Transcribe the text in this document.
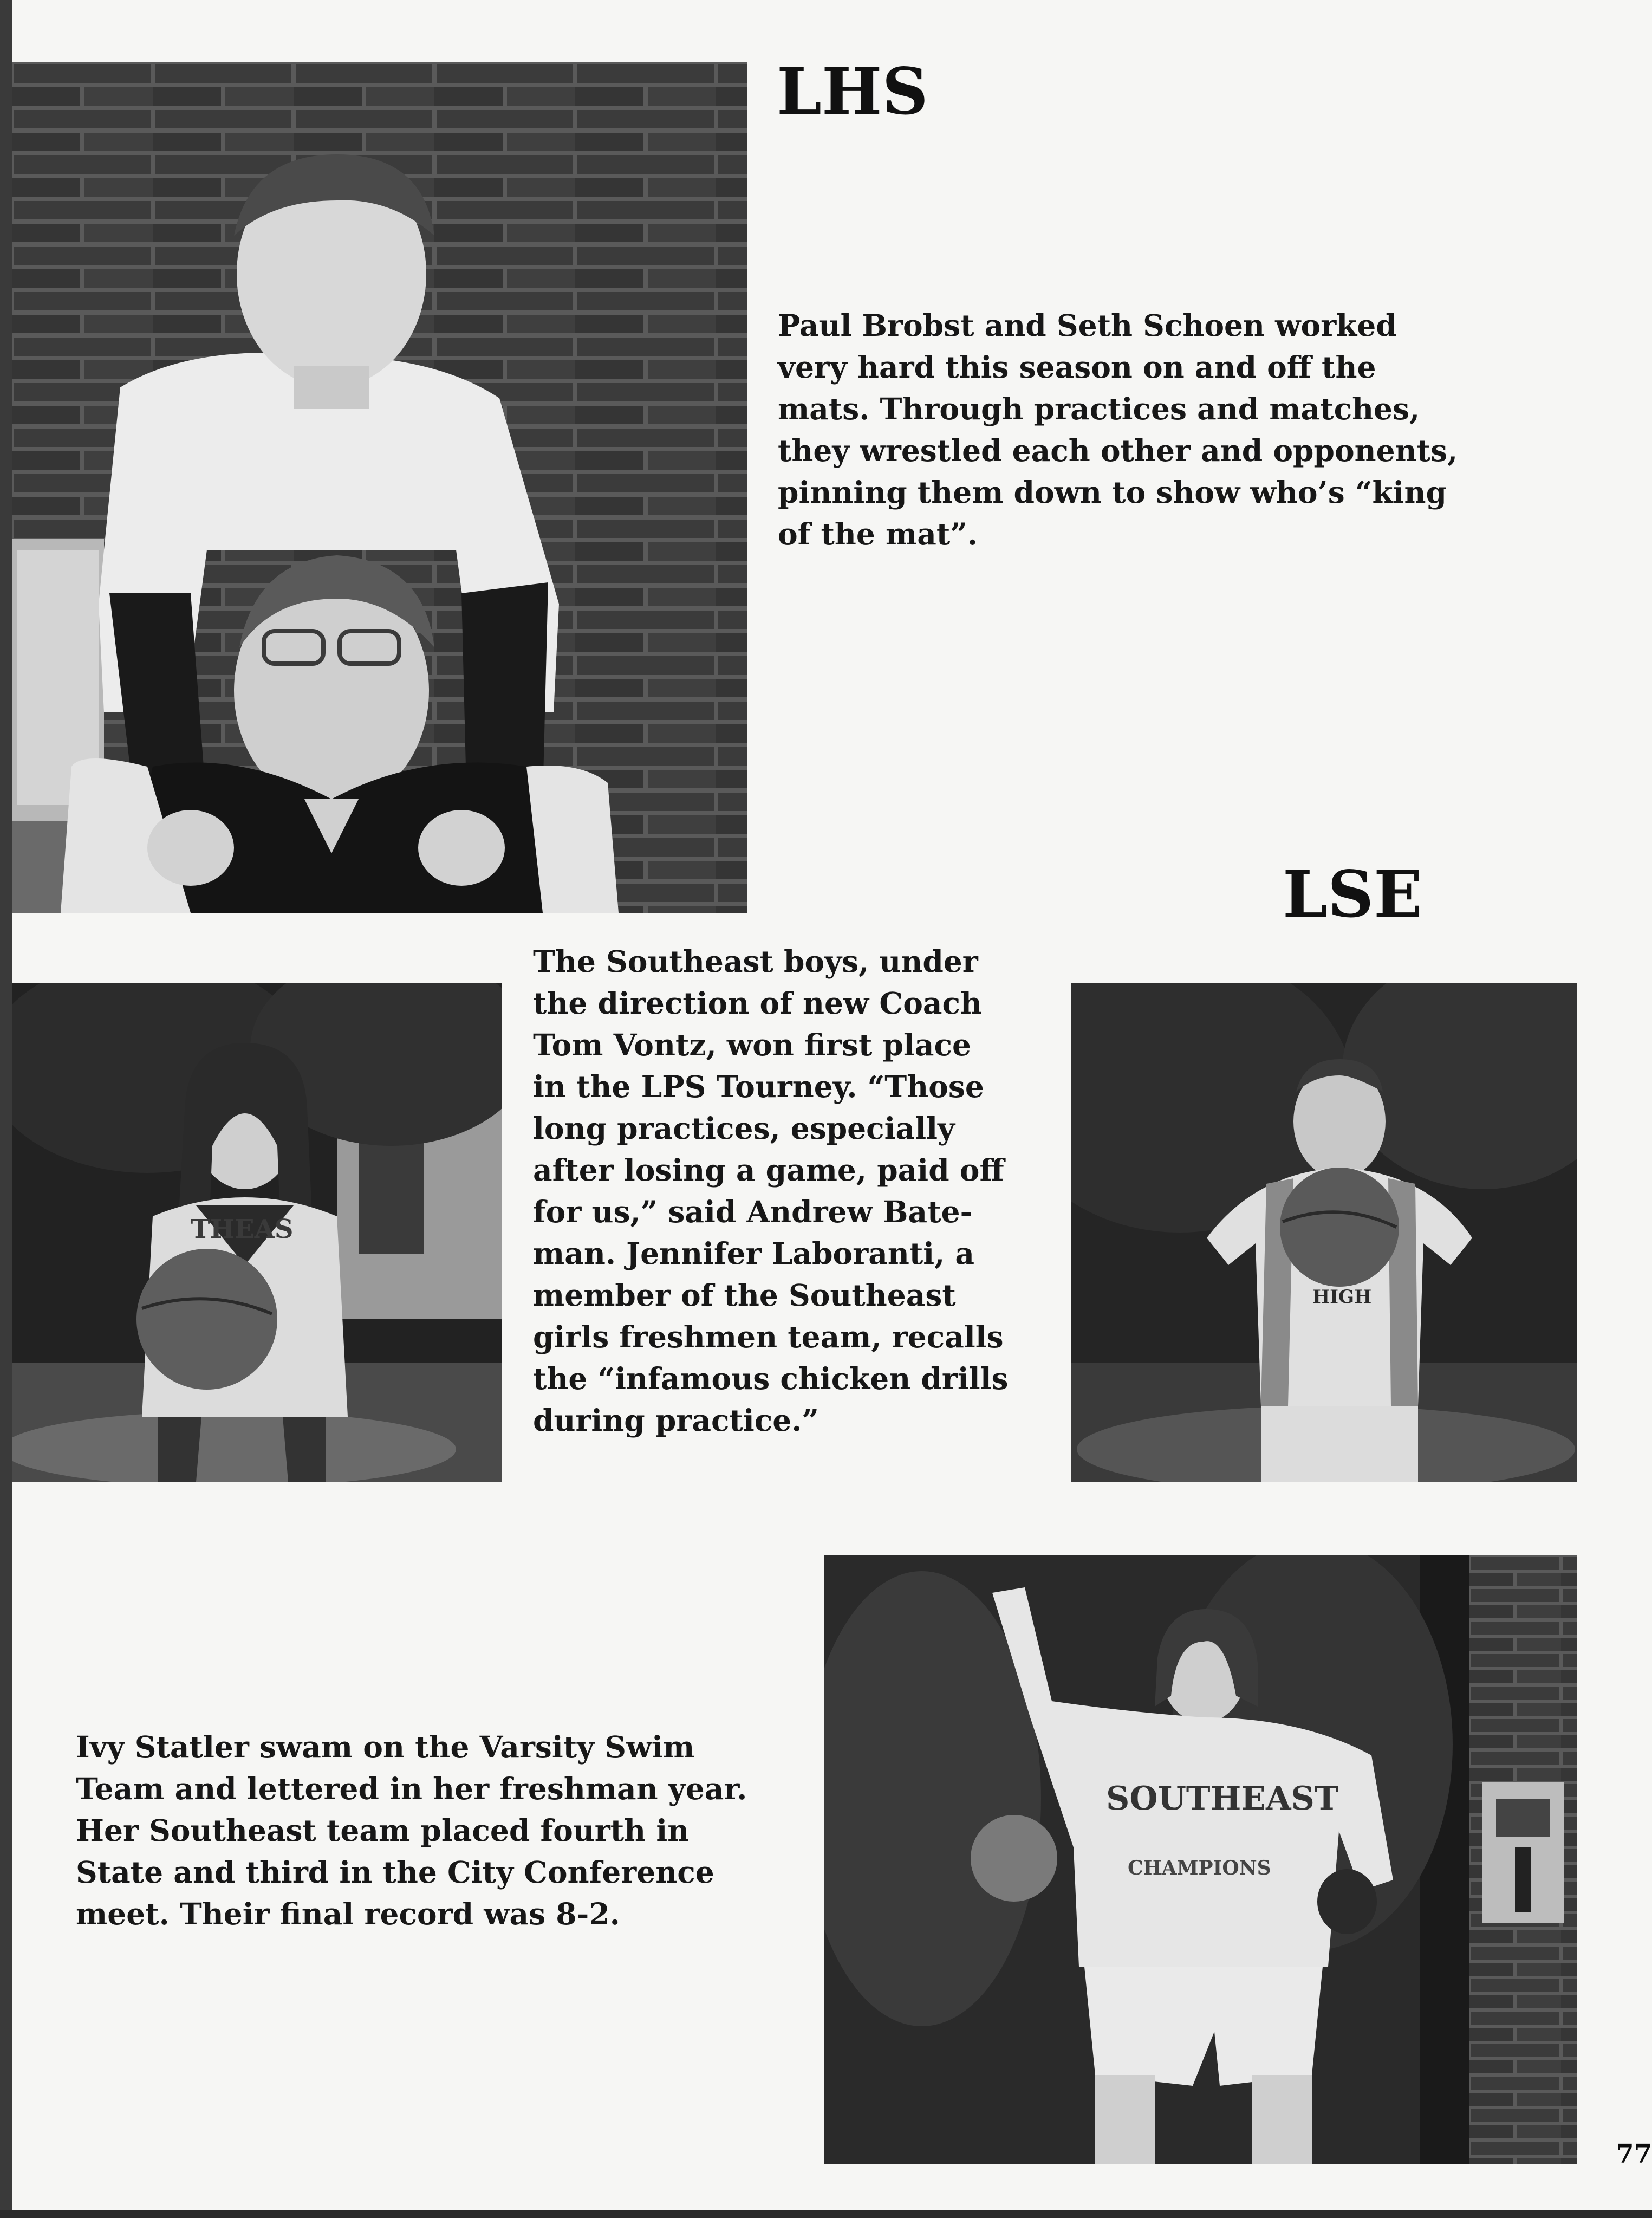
LHS
Paul Brobst and Seth Schoen worked
very hard this season on and off the
mats. Through practices and matches,
they wrestled each other and opponents,
pinning them down to show who’s “king
of the mat”.
LSE
THEAS
The Southeast boys, under
the direction of new Coach
Tom Vontz, won first place
in the LPS Tourney. “Those
long practices, especially
after losing a game, paid off
for us,” said Andrew Bate-
man. Jennifer Laboranti, a
member of the Southeast
girls freshmen team, recalls
the “infamous chicken drills
during practice.”
HIGH
Ivy Statler swam on the Varsity Swim
Team and lettered in her freshman year.
Her Southeast team placed fourth in
State and third in the City Conference
meet. Their final record was 8-2.
SOUTHEAST
CHAMPIONS
77
